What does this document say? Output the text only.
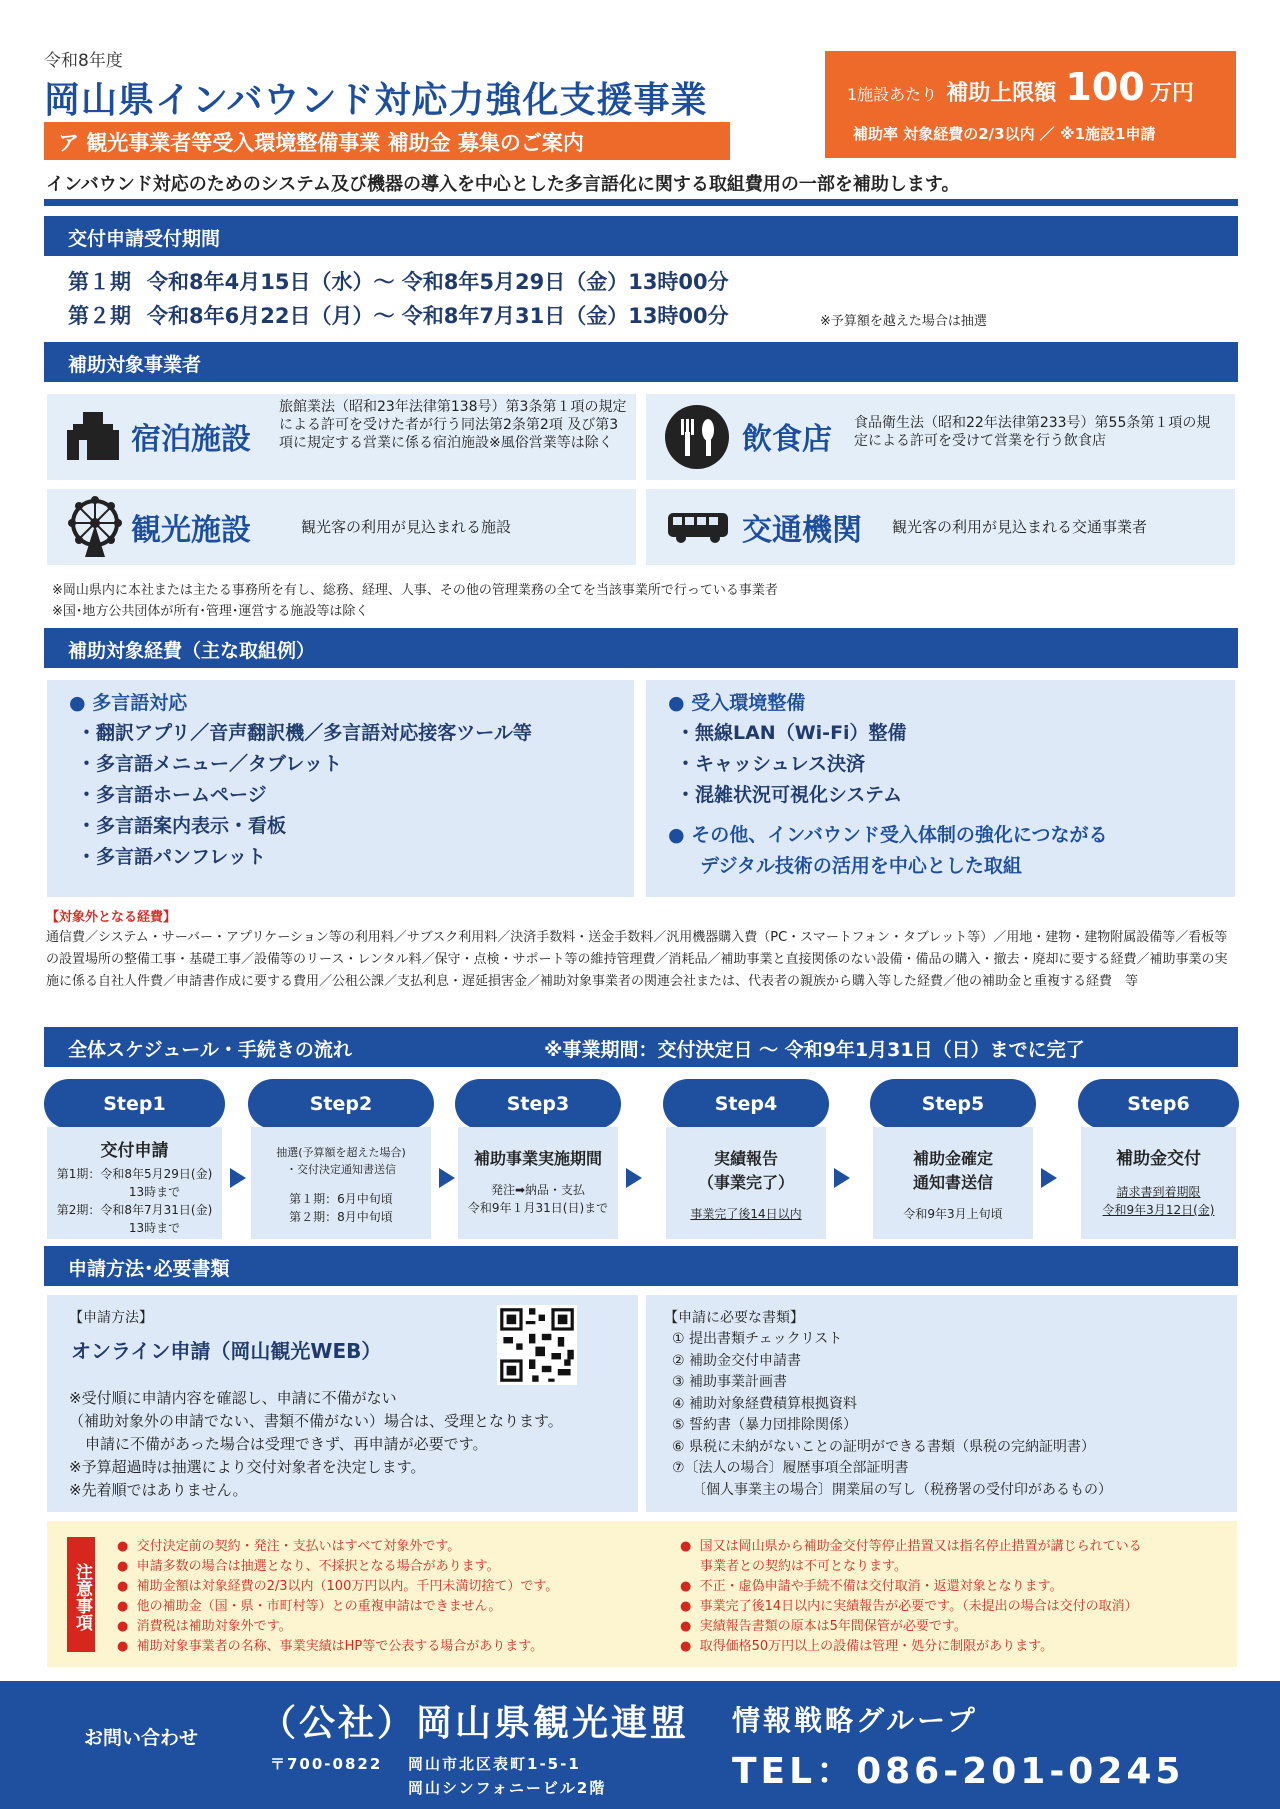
令和8年度
岡山県インバウンド対応力強化支援事業
ア 観光事業者等受入環境整備事業 補助金 募集のご案内
1施設あたり 補助上限額 100 万円
補助率 対象経費の2/3以内 ／ ※1施設1申請
インバウンド対応のためのシステム及び機器の導入を中心とした多言語化に関する取組費用の一部を補助します。
交付申請受付期間
第１期 令和8年4月15日（水）～ 令和8年5月29日（金）13時00分
第２期 令和8年6月22日（月）～ 令和8年7月31日（金）13時00分	※予算額を越えた場合は抽選
補助対象事業者
宿泊施設
旅館業法（昭和23年法律第138号）第3条第１項の規定による許可を受けた者が行う同法第2条第2項 及び第3項に規定する営業に係る宿泊施設※風俗営業等は除く	飲食店 食品衛生法（昭和22年法律第233号）第55条第１項の規定による許可を受けて営業を行う飲食店
観光施設	観光客の利用が見込まれる施設	交通機関 観光客の利用が見込まれる交通事業者
※岡山県内に本社または主たる事務所を有し、総務、経理、人事、その他の管理業務の全てを当該事業所で行っている事業者
※国･地方公共団体が所有･管理･運営する施設等は除く
補助対象経費（主な取組例）
● 多言語対応
・翻訳アプリ／音声翻訳機／多言語対応接客ツール等
・多言語メニュー／タブレット
・多言語ホームページ
・多言語案内表示・看板
・多言語パンフレット
● 受入環境整備
・無線LAN（Wi-Fi）整備
・キャッシュレス決済
・混雑状況可視化システム
● その他、インバウンド受入体制の強化につながる
デジタル技術の活用を中心とした取組
【対象外となる経費】
通信費／システム・サーバー・アプリケーション等の利用料／サブスク利用料／決済手数料・送金手数料／汎用機器購入費（PC・スマートフォン・タブレット等）／用地・建物・建物附属設備等／看板等の設置場所の整備工事・基礎工事／設備等のリース・レンタル料／保守・点検・サポート等の維持管理費／消耗品／補助事業と直接関係のない設備・備品の購入・撤去・廃却に要する経費／補助事業の実施に係る自社人件費／申請書作成に要する費用／公租公課／支払利息・遅延損害金／補助対象事業者の関連会社または、代表者の親族から購入等した経費／他の補助金と重複する経費　等
全体スケジュール・手続きの流れ	※事業期間：交付決定日 ～ 令和9年1月31日（日）までに完了
Step1
交付申請
第1期：令和8年5月29日(金)
13時まで
第2期：令和8年7月31日(金)
13時まで
Step2
抽選(予算額を超えた場合)
・交付決定通知書送信
第１期：6月中旬頃
第２期：8月中旬頃
Step3
補助事業実施期間
発注➡納品・支払
令和9年１月31日(日)まで
Step4
実績報告
（事業完了）
事業完了後14日以内
Step5
補助金確定
通知書送信
令和9年3月上旬頃
Step6
補助金交付
請求書到着期限
令和9年3月12日(金)
申請方法･必要書類
【申請方法】
オンライン申請（岡山観光WEB）
※受付順に申請内容を確認し、申請に不備がない
（補助対象外の申請でない、書類不備がない）場合は、受理となります。
申請に不備があった場合は受理できず、再申請が必要です。
※予算超過時は抽選により交付対象者を決定します。
※先着順ではありません。
【申請に必要な書類】
① 提出書類チェックリスト
② 補助金交付申請書
③ 補助事業計画書
④ 補助対象経費積算根拠資料
⑤ 誓約書（暴力団排除関係）
⑥ 県税に未納がないことの証明ができる書類（県税の完納証明書）
⑦〔法人の場合〕履歴事項全部証明書
〔個人事業主の場合〕開業届の写し（税務署の受付印があるもの）
注意事項
●  交付決定前の契約・発注・支払いはすべて対象外です。
●  申請多数の場合は抽選となり、不採択となる場合があります。
●  補助金額は対象経費の2/3以内（100万円以内。千円未満切捨て）です。
●  他の補助金（国・県・市町村等）との重複申請はできません。
●  消費税は補助対象外です。
●  補助対象事業者の名称、事業実績はHP等で公表する場合があります。
●  国又は岡山県から補助金交付等停止措置又は指名停止措置が講じられている
事業者との契約は不可となります。
●  不正・虚偽申請や手続不備は交付取消・返還対象となります。
●  事業完了後14日以内に実績報告が必要です。（未提出の場合は交付の取消）
●  実績報告書類の原本は5年間保管が必要です。
●  取得価格50万円以上の設備は管理・処分に制限があります。
お問い合わせ （公社）岡山県観光連盟
〒700-0822 岡山市北区表町1-5-1
岡山シンフォニービル2階
情報戦略グループ
TEL：086-201-0245
